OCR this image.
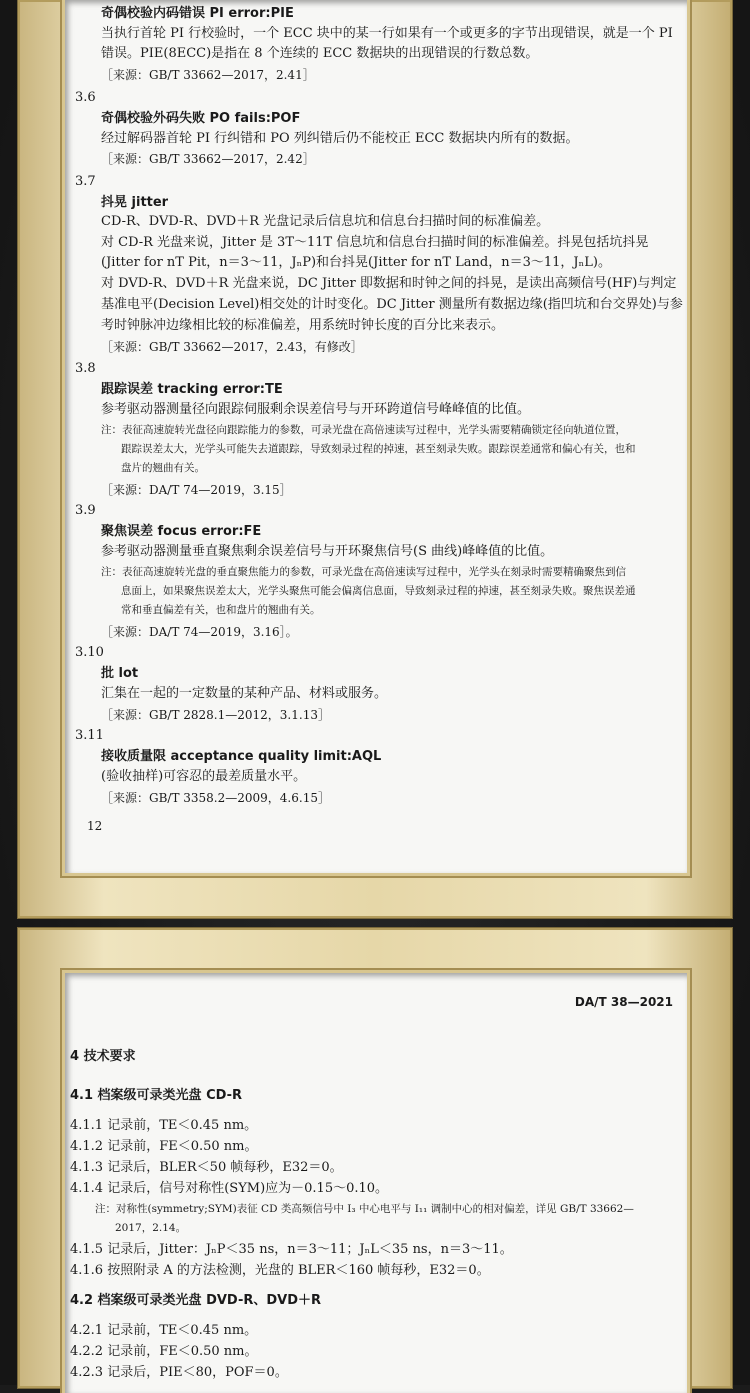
奇偶校验内码错误 PI error:PIE
当执行首轮 PI 行校验时，一个 ECC 块中的某一行如果有一个或更多的字节出现错误，就是一个 PI
错误。PIE(8ECC)是指在 8 个连续的 ECC 数据块的出现错误的行数总数。
［来源：GB/T 33662—2017，2.41］
3.6
奇偶校验外码失败 PO fails:POF
经过解码器首轮 PI 行纠错和 PO 列纠错后仍不能校正 ECC 数据块内所有的数据。
［来源：GB/T 33662—2017，2.42］
3.7
抖晃 jitter
CD-R、DVD-R、DVD＋R 光盘记录后信息坑和信息台扫描时间的标准偏差。
对 CD-R 光盘来说，Jitter 是 3T～11T 信息坑和信息台扫描时间的标准偏差。抖晃包括坑抖晃
(Jitter for nT Pit，n＝3～11，JₙP)和台抖晃(Jitter for nT Land，n＝3～11，JₙL)。
对 DVD-R、DVD＋R 光盘来说，DC Jitter 即数据和时钟之间的抖晃，是读出高频信号(HF)与判定
基准电平(Decision Level)相交处的计时变化。DC Jitter 测量所有数据边缘(指凹坑和台交界处)与参
考时钟脉冲边缘相比较的标准偏差，用系统时钟长度的百分比来表示。
［来源：GB/T 33662—2017，2.43，有修改］
3.8
跟踪误差 tracking error:TE
参考驱动器测量径向跟踪伺服剩余误差信号与开环跨道信号峰峰值的比值。
注：表征高速旋转光盘径向跟踪能力的参数，可录光盘在高倍速读写过程中，光学头需要精确锁定径向轨道位置，
跟踪误差太大，光学头可能失去道跟踪，导致刻录过程的掉速，甚至刻录失败。跟踪误差通常和偏心有关，也和
盘片的翘曲有关。
［来源：DA/T 74—2019，3.15］
3.9
聚焦误差 focus error:FE
参考驱动器测量垂直聚焦剩余误差信号与开环聚焦信号(S 曲线)峰峰值的比值。
注：表征高速旋转光盘的垂直聚焦能力的参数，可录光盘在高倍速读写过程中，光学头在刻录时需要精确聚焦到信
息面上，如果聚焦误差太大，光学头聚焦可能会偏离信息面，导致刻录过程的掉速，甚至刻录失败。聚焦误差通
常和垂直偏差有关，也和盘片的翘曲有关。
［来源：DA/T 74—2019，3.16］。
3.10
批 lot
汇集在一起的一定数量的某种产品、材料或服务。
［来源：GB/T 2828.1—2012，3.1.13］
3.11
接收质量限 acceptance quality limit:AQL
(验收抽样)可容忍的最差质量水平。
［来源：GB/T 3358.2—2009，4.6.15］
12
DA/T 38—2021
4 技术要求
4.1 档案级可录类光盘 CD-R
4.1.1 记录前，TE＜0.45 nm。
4.1.2 记录前，FE＜0.50 nm。
4.1.3 记录后，BLER＜50 帧每秒，E32＝0。
4.1.4 记录后，信号对称性(SYM)应为－0.15～0.10。
注：对称性(symmetry;SYM)表征 CD 类高频信号中 I₃ 中心电平与 I₁₁ 调制中心的相对偏差，详见 GB/T 33662—
2017，2.14。
4.1.5 记录后，Jitter：JₙP＜35 ns，n＝3～11；JₙL＜35 ns，n＝3～11。
4.1.6 按照附录 A 的方法检测，光盘的 BLER＜160 帧每秒，E32＝0。
4.2 档案级可录类光盘 DVD-R、DVD＋R
4.2.1 记录前，TE＜0.45 nm。
4.2.2 记录前，FE＜0.50 nm。
4.2.3 记录后，PIE＜80，POF＝0。
